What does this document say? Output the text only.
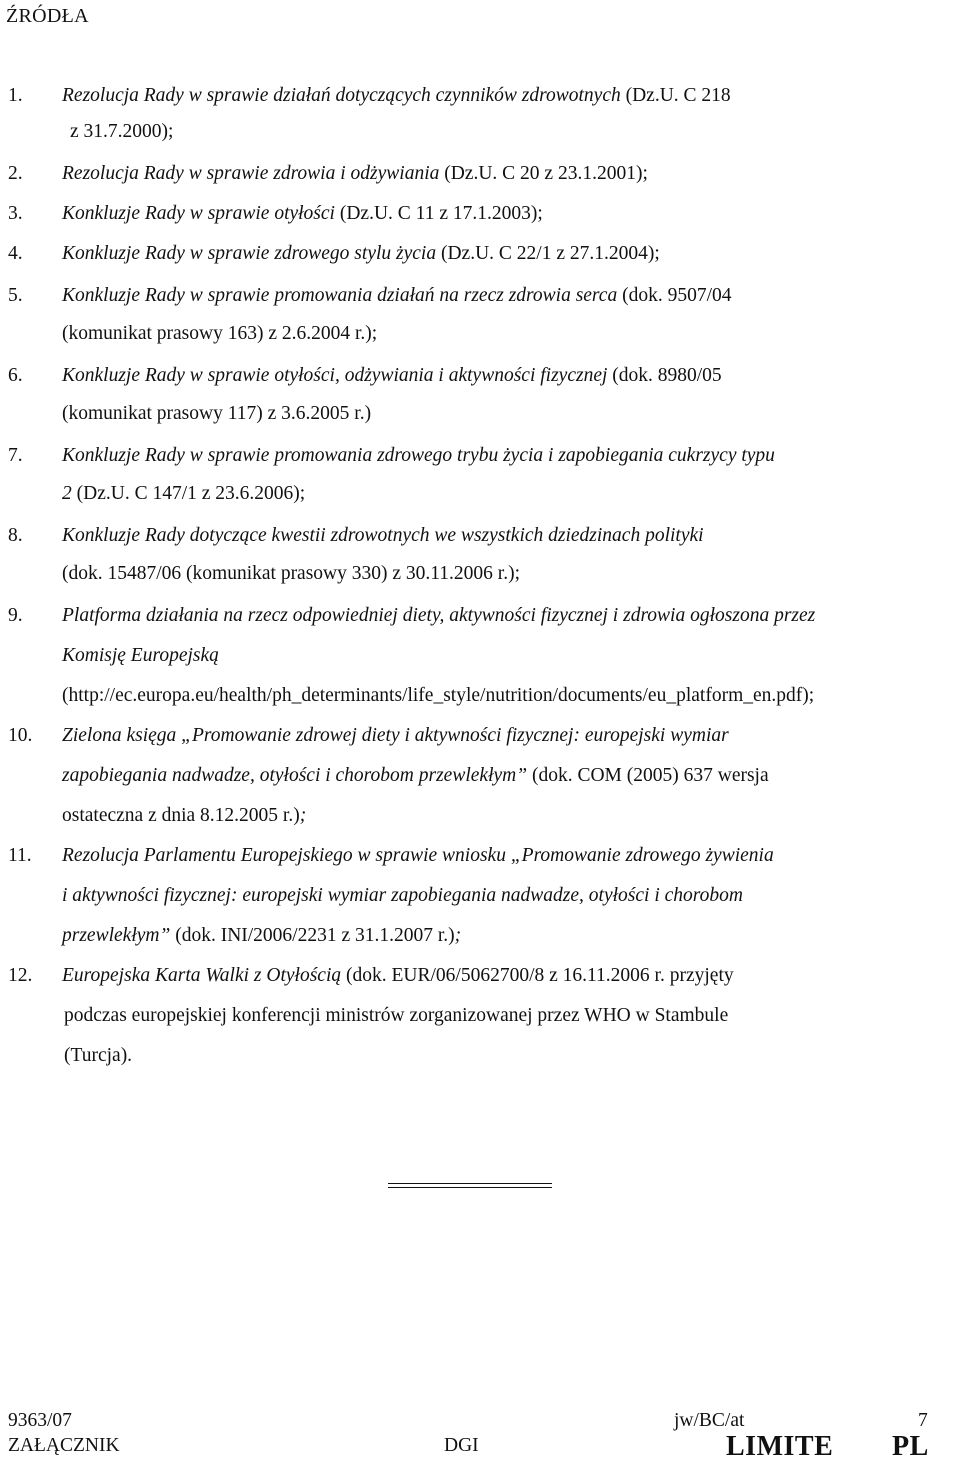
ŹRÓDŁA
1. Rezolucja Rady w sprawie działań dotyczących czynników zdrowotnych (Dz.U. C 218
z 31.7.2000);
2. Rezolucja Rady w sprawie zdrowia i odżywiania (Dz.U. C 20 z 23.1.2001);
3. Konkluzje Rady w sprawie otyłości (Dz.U. C 11 z 17.1.2003);
4. Konkluzje Rady w sprawie zdrowego stylu życia (Dz.U. C 22/1 z 27.1.2004);
5. Konkluzje Rady w sprawie promowania działań na rzecz zdrowia serca (dok. 9507/04
(komunikat prasowy 163) z 2.6.2004 r.);
6. Konkluzje Rady w sprawie otyłości, odżywiania i aktywności fizycznej (dok. 8980/05
(komunikat prasowy 117) z 3.6.2005 r.)
7. Konkluzje Rady w sprawie promowania zdrowego trybu życia i zapobiegania cukrzycy typu
2 (Dz.U. C 147/1 z 23.6.2006);
8. Konkluzje Rady dotyczące kwestii zdrowotnych we wszystkich dziedzinach polityki
(dok. 15487/06 (komunikat prasowy 330) z 30.11.2006 r.);
9. Platforma działania na rzecz odpowiedniej diety, aktywności fizycznej i zdrowia ogłoszona przez
Komisję Europejską
(http://ec.europa.eu/health/ph_determinants/life_style/nutrition/documents/eu_platform_en.pdf);
10. Zielona księga „Promowanie zdrowej diety i aktywności fizycznej: europejski wymiar
zapobiegania nadwadze, otyłości i chorobom przewlekłym” (dok. COM (2005) 637 wersja
ostateczna z dnia 8.12.2005 r.);
11. Rezolucja Parlamentu Europejskiego w sprawie wniosku „Promowanie zdrowego żywienia
i aktywności fizycznej: europejski wymiar zapobiegania nadwadze, otyłości i chorobom
przewlekłym” (dok. INI/2006/2231 z 31.1.2007 r.);
12. Europejska Karta Walki z Otyłością (dok. EUR/06/5062700/8 z 16.11.2006 r. przyjęty
podczas europejskiej konferencji ministrów zorganizowanej przez WHO w Stambule
(Turcja).
9363/07	jw/BC/at	7
ZAŁĄCZNIK	DGI	LIMITE PL
